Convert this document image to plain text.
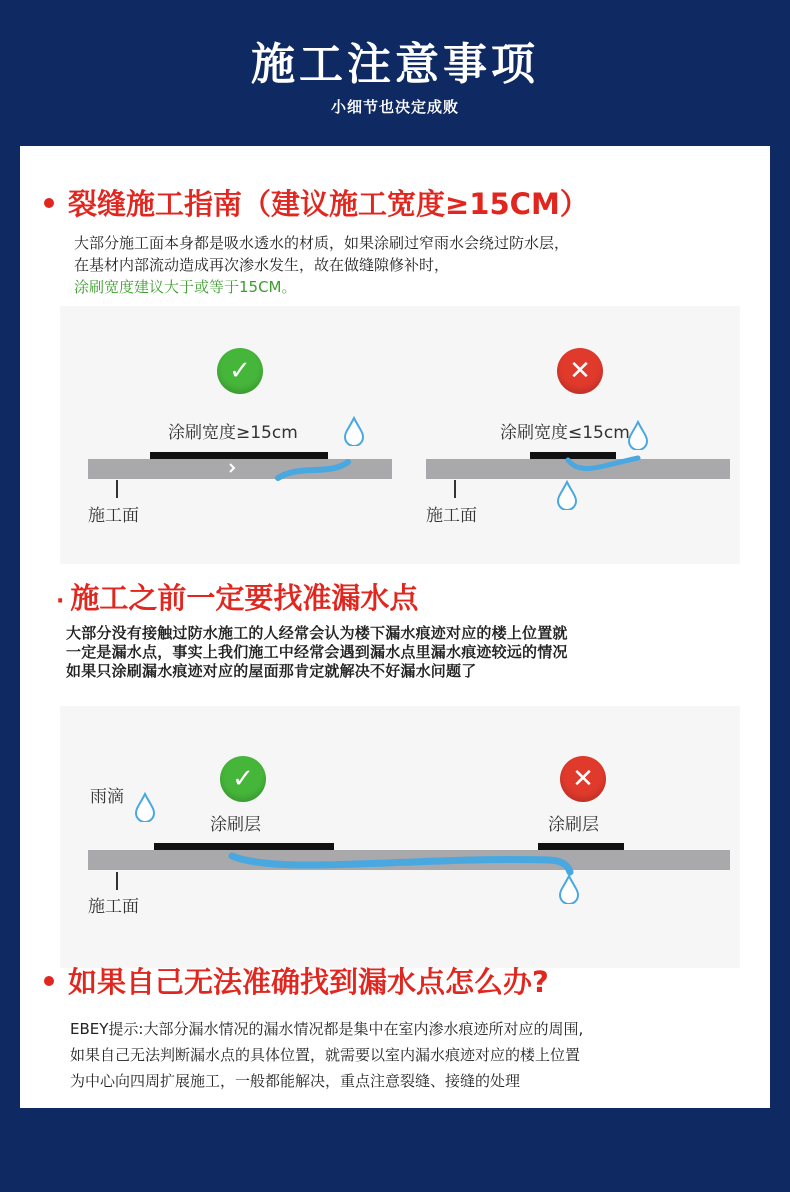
施工注意事项
小细节也决定成败
裂缝施工指南（建议施工宽度≥15CM）
大部分施工面本身都是吸水透水的材质，如果涂刷过窄雨水会绕过防水层，
在基材内部流动造成再次渗水发生，故在做缝隙修补时，
涂刷宽度建议大于或等于15CM。
✓
涂刷宽度≥15cm
施工面
✕
涂刷宽度≤15cm
施工面
· 施工之前一定要找准漏水点
大部分没有接触过防水施工的人经常会认为楼下漏水痕迹对应的楼上位置就
一定是漏水点，事实上我们施工中经常会遇到漏水点里漏水痕迹较远的情况
如果只涂刷漏水痕迹对应的屋面那肯定就解决不好漏水问题了
雨滴
✓
涂刷层
✕
涂刷层
施工面
如果自己无法准确找到漏水点怎么办?
EBEY提示:大部分漏水情况的漏水情况都是集中在室内渗水痕迹所对应的周围,
如果自己无法判断漏水点的具体位置，就需要以室内漏水痕迹对应的楼上位置
为中心向四周扩展施工，一般都能解决，重点注意裂缝、接缝的处理
